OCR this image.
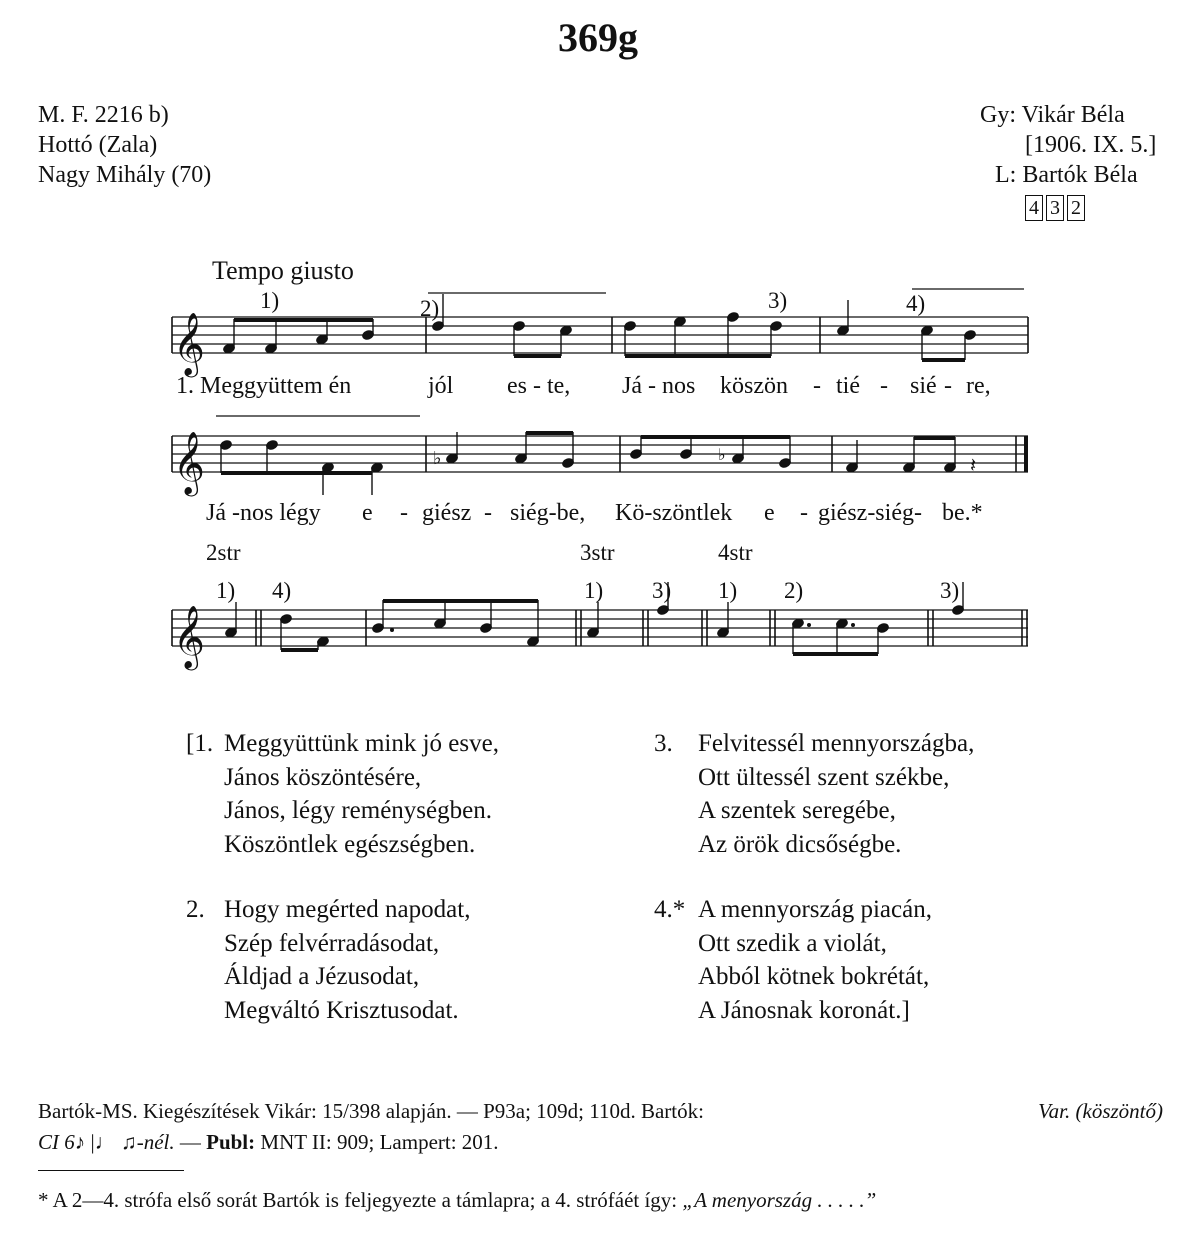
369g
M. F. 2216 b)
Hottó (Zala)
Nagy Mihály (70)
Gy: Vikár Béla
[1906. IX. 5.]
L: Bartók Béla
4 3 2
Tempo giusto
𝄞
𝄞
𝄞
♭	♭	𝄽
1)	2)	3)	4)
1. Meggyüttem én	jól es - te, Já - nos köszön - tié - sié - re,
Já -nos légy e - giész - siég-be, Kö-szöntlek e - giész-siég- be.*
2str	3str	4str
1) 4)	1) 3) 1) 2)	3)
[1. Meggyüttünk mink jó esve,
János köszöntésére,
János, légy reménységben.
Köszöntlek egészségben.
2. Hogy megérted napodat,
Szép felvérradásodat,
Áldjad a Jézusodat,
Megváltó Krisztusodat.
3. Felvitessél mennyországba,
Ott ültessél szent székbe,
A szentek seregébe,
Az örök dicsőségbe.
4.* A mennyország piacán,
Ott szedik a violát,
Abból kötnek bokrétát,
A Jánosnak koronát.]
Bartók-MS. Kiegészítések Vikár: 15/398 alapján. — P93a; 109d; 110d. Bartók:	Var. (köszöntő)
CI 6♪ |♩ ♫-nél. — Publ: MNT II: 909; Lampert: 201.
* A 2—4. strófa első sorát Bartók is feljegyezte a támlapra; a 4. strófáét így: „A menyország . . . . .”
